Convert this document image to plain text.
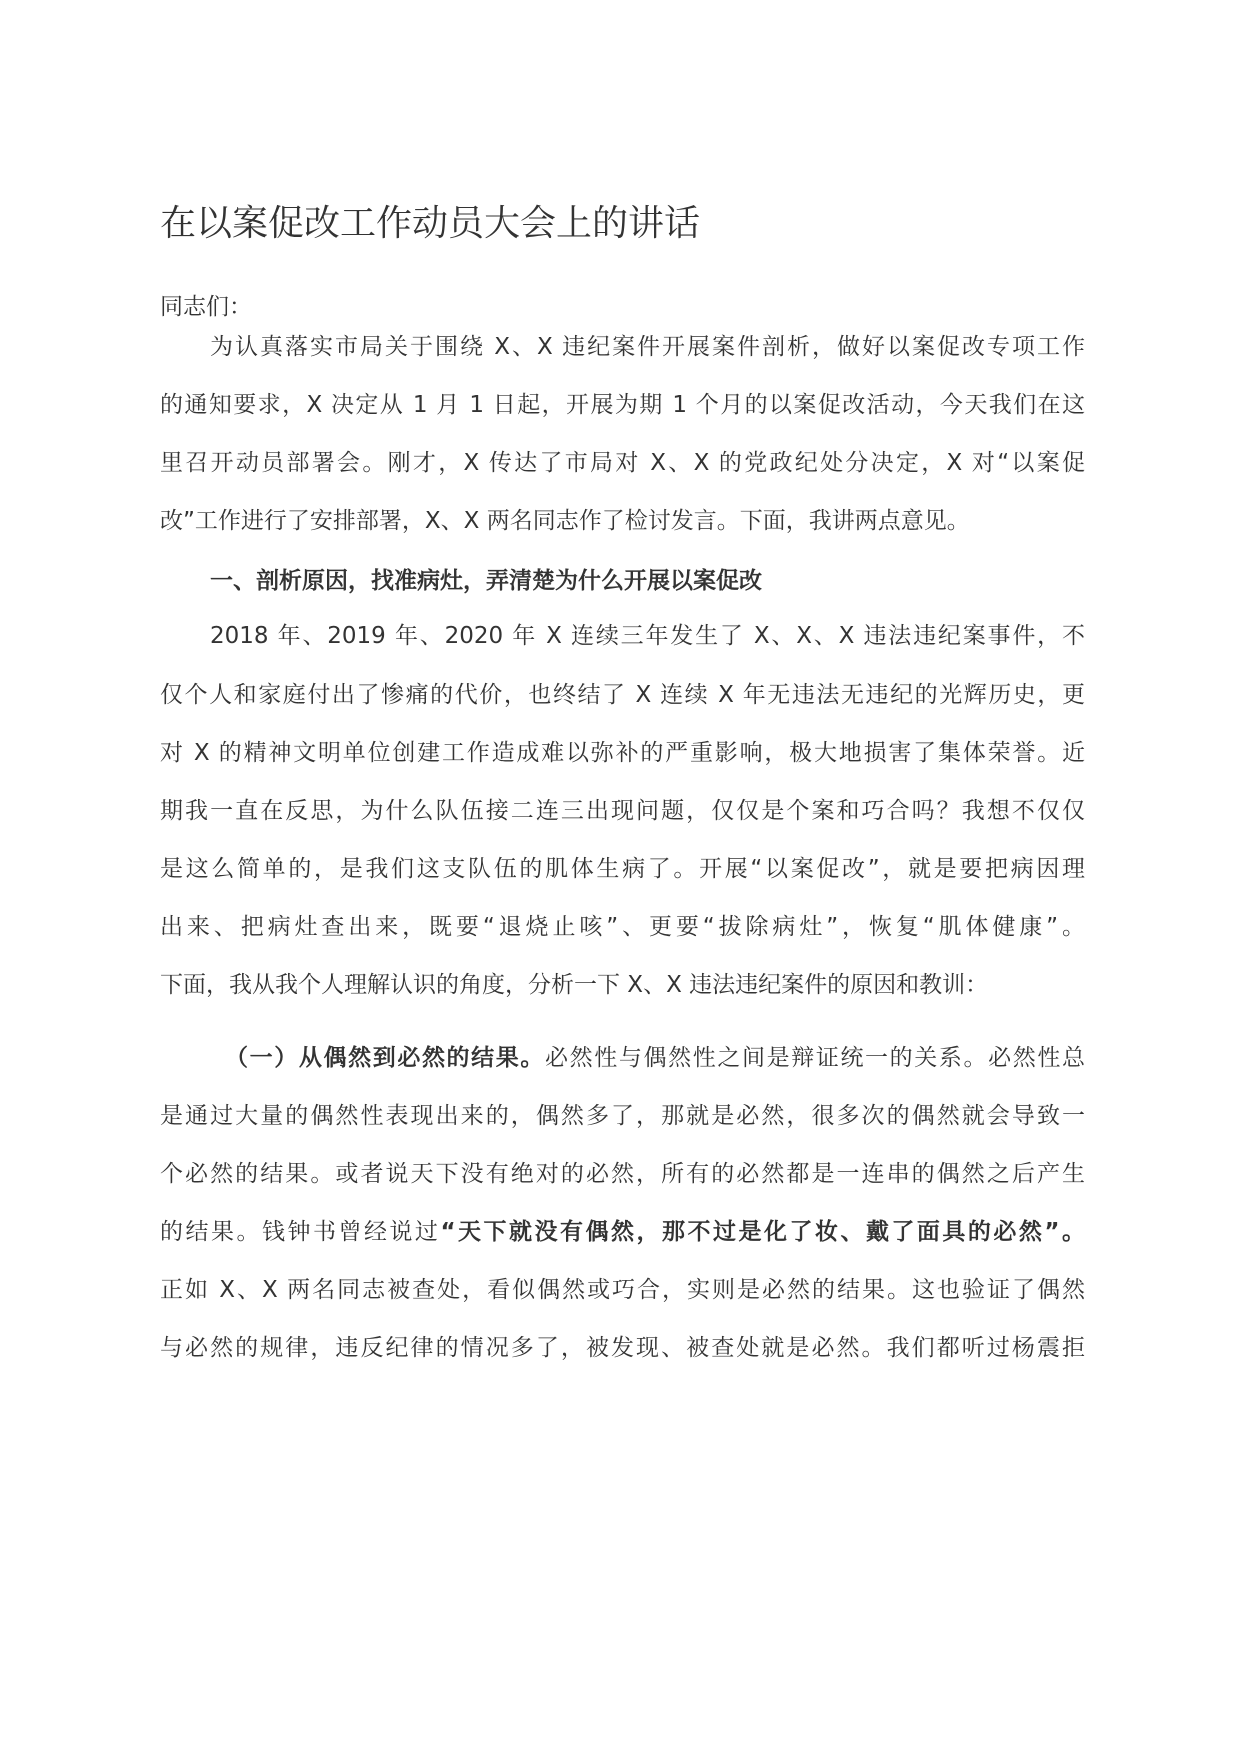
在以案促改工作动员大会上的讲话
同志们：
为认真落实市局关于围绕 X、X 违纪案件开展案件剖析，做好以案促改专项工作
的通知要求，X 决定从 1 月 1 日起，开展为期 1 个月的以案促改活动，今天我们在这
里召开动员部署会。刚才，X 传达了市局对 X、X 的党政纪处分决定，X 对“以案促
改”工作进行了安排部署，X、X 两名同志作了检讨发言。下面，我讲两点意见。
一、剖析原因，找准病灶，弄清楚为什么开展以案促改
2018 年、2019 年、2020 年 X 连续三年发生了 X、X、X 违法违纪案事件，不
仅个人和家庭付出了惨痛的代价，也终结了 X 连续 X 年无违法无违纪的光辉历史，更
对 X 的精神文明单位创建工作造成难以弥补的严重影响，极大地损害了集体荣誉。近
期我一直在反思，为什么队伍接二连三出现问题，仅仅是个案和巧合吗？我想不仅仅
是这么简单的，是我们这支队伍的肌体生病了。开展“以案促改”，就是要把病因理
出来、把病灶查出来，既要“退烧止咳”、更要“拔除病灶”，恢复“肌体健康”。
下面，我从我个人理解认识的角度，分析一下 X、X 违法违纪案件的原因和教训：
（一）从偶然到必然的结果。必然性与偶然性之间是辩证统一的关系。必然性总
是通过大量的偶然性表现出来的，偶然多了，那就是必然，很多次的偶然就会导致一
个必然的结果。或者说天下没有绝对的必然，所有的必然都是一连串的偶然之后产生
的结果。钱钟书曾经说过“天下就没有偶然，那不过是化了妆、戴了面具的必然”。
正如 X、X 两名同志被查处，看似偶然或巧合，实则是必然的结果。这也验证了偶然
与必然的规律，违反纪律的情况多了，被发现、被查处就是必然。我们都听过杨震拒
